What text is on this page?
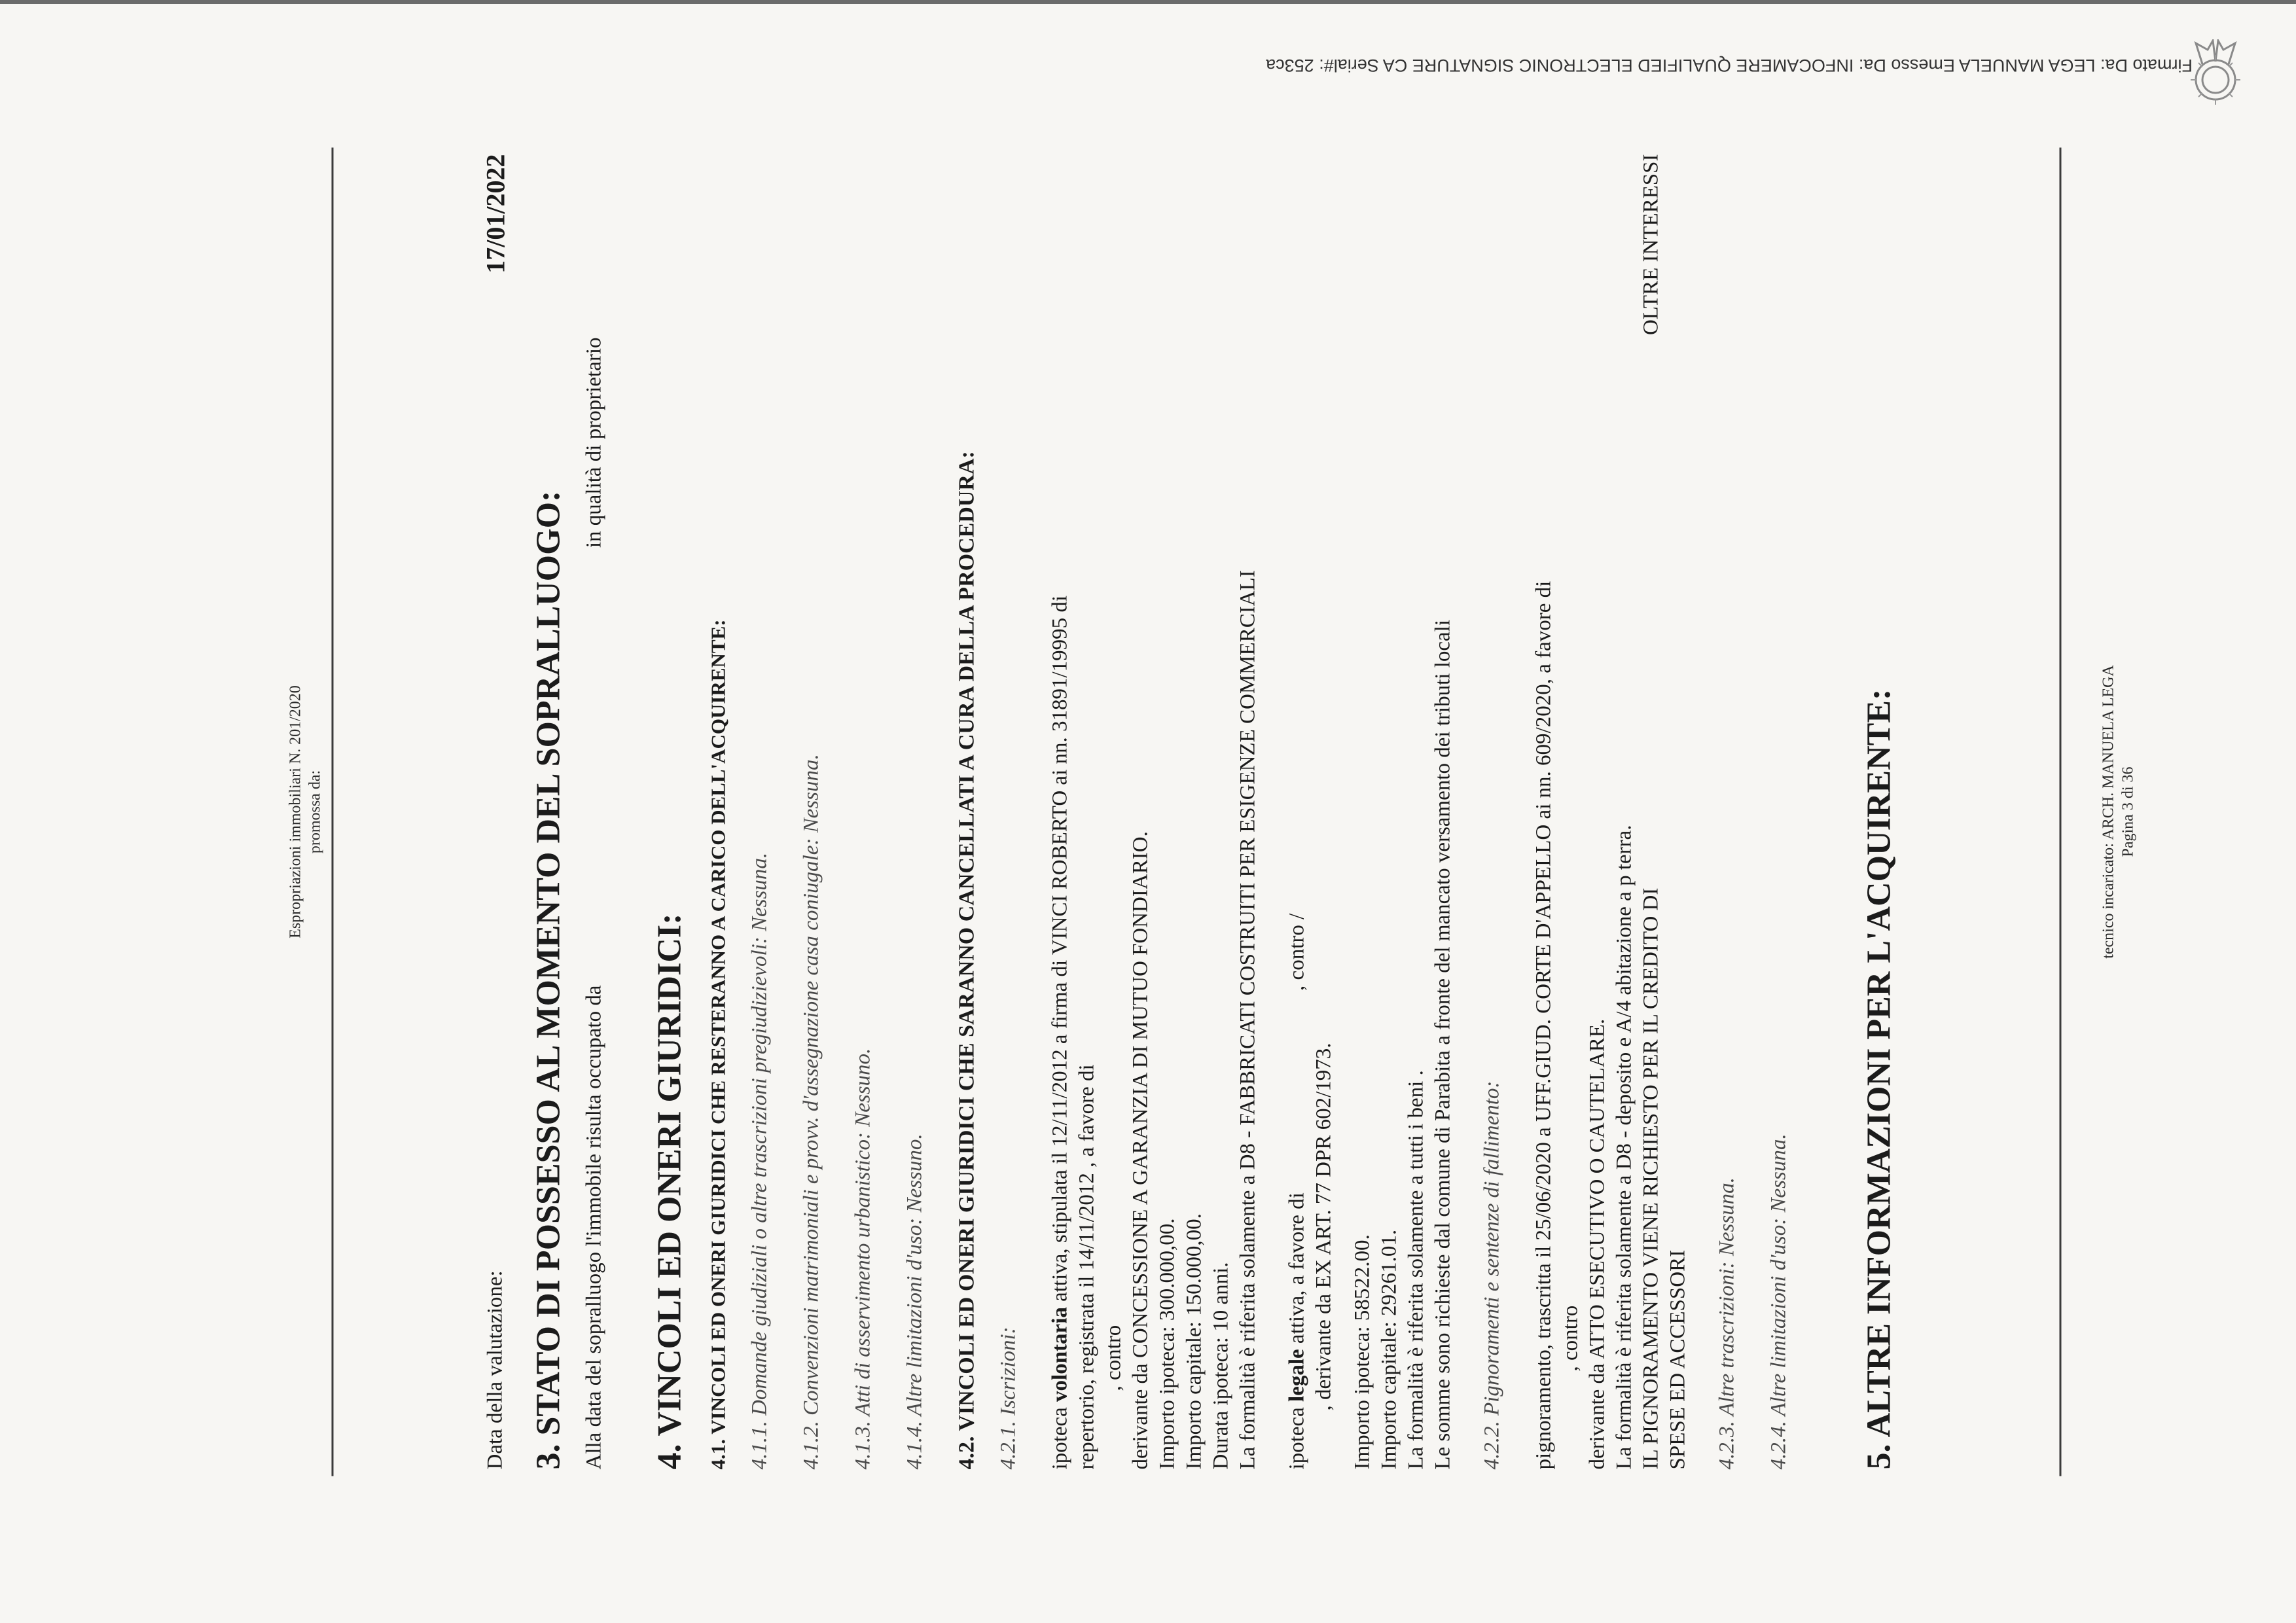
Firmato Da: LEGA MANUELA Emesso Da: INFOCAMERE QUALIFIED ELECTRONIC SIGNATURE CA Serial#: 253ca
Espropriazioni immobiliari N. 201/2020 promossa da:
Data della valutazione:
17/01/2022
3. STATO DI POSSESSO AL MOMENTO DEL SOPRALLUOGO: Alla data del sopralluogo l'immobile risulta occupato da
in qualità di proprietario
4. VINCOLI ED ONERI GIURIDICI: 4.1. VINCOLI ED ONERI GIURIDICI CHE RESTERANNO A CARICO DELL'ACQUIRENTE: 4.1.1. Domande giudiziali o altre trascrizioni pregiudizievoli: Nessuna. 4.1.2. Convenzioni matrimoniali e provv. d'assegnazione casa coniugale: Nessuna. 4.1.3. Atti di asservimento urbanistico: Nessuno. 4.1.4. Altre limitazioni d'uso: Nessuno. 4.2. VINCOLI ED ONERI GIURIDICI CHE SARANNO CANCELLATI A CURA DELLA PROCEDURA: 4.2.1. Iscrizioni: ipoteca volontaria attiva, stipulata il 12/11/2012 a firma di VINCI ROBERTO ai nn. 31891/19995 di repertorio, registrata il 14/11/2012 , a favore di , contro derivante da CONCESSIONE A GARANZIA DI MUTUO FONDIARIO. Importo ipoteca: 300.000,00. Importo capitale: 150.000,00. Durata ipoteca: 10 anni. La formalità è riferita solamente a D8 - FABBRICATI COSTRUITI PER ESIGENZE COMMERCIALI ipoteca legale attiva, a favore di , contro /

, derivante da EX ART. 77 DPR 602/1973. Importo ipoteca: 58522.00. Importo capitale: 29261.01. La formalità è riferita solamente a tutti i beni . Le somme sono richieste dal comune di Parabita a fronte del mancato versamento dei tributi locali 4.2.2. Pignoramenti e sentenze di fallimento: pignoramento, trascritta il 25/06/2020 a UFF.GIUD. CORTE D'APPELLO ai nn. 609/2020, a favore di , contro derivante da ATTO ESECUTIVO O CAUTELARE. La formalità è riferita solamente a D8 - deposito e A/4 abitazione a p terra. IL PIGNORAMENTO VIENE RICHIESTO PER IL CREDITO DI
OLTRE INTERESSI

SPESE ED ACCESSORI 4.2.3. Altre trascrizioni: Nessuna. 4.2.4. Altre limitazioni d'uso: Nessuna. 5. ALTRE INFORMAZIONI PER L'ACQUIRENTE:	tecnico incaricato: ARCH. MANUELA LEGA Pagina 3 di 36
